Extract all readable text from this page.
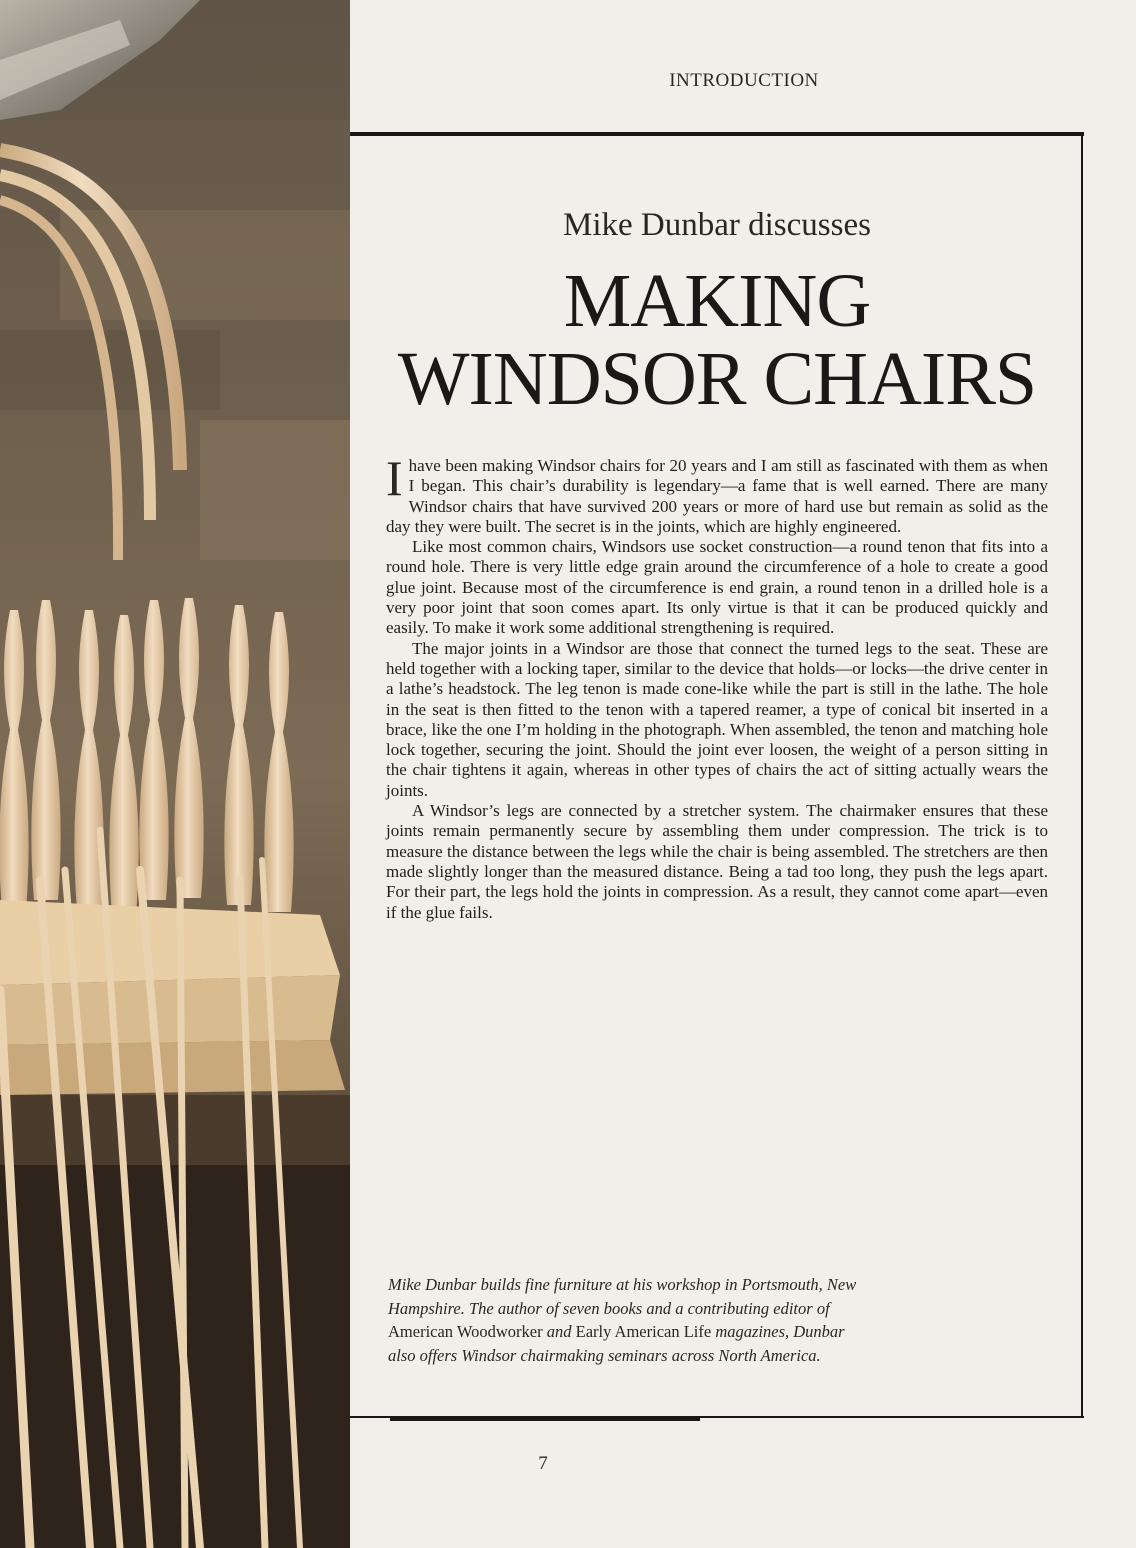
INTRODUCTION
Mike Dunbar discusses
MAKING
WINDSOR CHAIRS

Ihave been making Windsor chairs for 20 years and I am still as fascinated with them as when I began. This chair’s durability is legendary—a fame that is well earned. There are many Windsor chairs that have survived 200 years or more of hard use but remain as solid as the day they were built. The secret is in the joints, which are highly engineered.

Like most common chairs, Windsors use socket construction—a round tenon that fits into a round hole. There is very little edge grain around the circumference of a hole to create a good glue joint. Because most of the circumference is end grain, a round tenon in a drilled hole is a very poor joint that soon comes apart. Its only virtue is that it can be produced quickly and easily. To make it work some additional strengthening is required.

The major joints in a Windsor are those that connect the turned legs to the seat. These are held together with a locking taper, similar to the device that holds—or locks—the drive center in a lathe’s headstock. The leg tenon is made cone-like while the part is still in the lathe. The hole in the seat is then fitted to the tenon with a tapered reamer, a type of conical bit inserted in a brace, like the one I’m holding in the photograph. When assembled, the tenon and matching hole lock together, securing the joint. Should the joint ever loosen, the weight of a person sitting in the chair tightens it again, whereas in other types of chairs the act of sitting actually wears the joints.

A Windsor’s legs are connected by a stretcher system. The chairmaker ensures that these joints remain permanently secure by assembling them under compression. The trick is to measure the distance between the legs while the chair is being assembled. The stretchers are then made slightly longer than the measured distance. Being a tad too long, they push the legs apart. For their part, the legs hold the joints in compression. As a result, they cannot come apart—even if the glue fails.

Mike Dunbar builds fine furniture at his workshop in Portsmouth, New Hampshire. The author of seven books and a contributing editor of American Woodworker and Early American Life magazines, Dunbar also offers Windsor chairmaking seminars across North America.
7
